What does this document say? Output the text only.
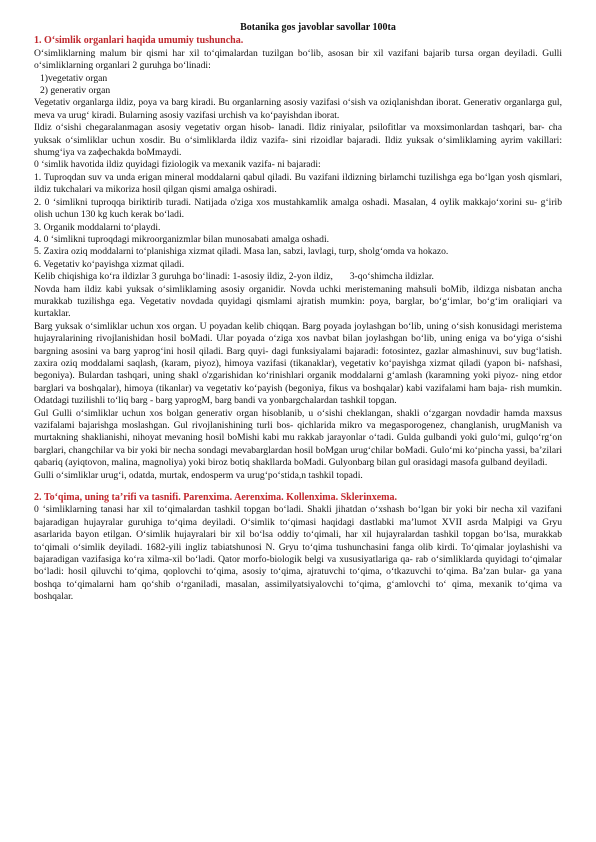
Botanika gos javoblar savollar 100ta

1. O‘simlik organlari haqida umumiy tushuncha.

O‘simliklarning malum bir qismi har xil to‘qimalardan tuzilgan bo‘lib, asosan bir xil vazifani bajarib tursa organ deyiladi. Gulli o‘simliklarning organlari 2 guruhga bo‘linadi:

1)vegetativ organ

2) generativ organ

Vegetativ organlarga ildiz, poya va barg kiradi. Bu organlarning asosiy vazifasi o‘sish va oziqlanishdan iborat. Generativ organlarga gul, meva va urug‘ kiradi. Bularning asosiy vazifasi urchish va ko‘payishdan iborat.

Ildiz o‘sishi chegaralanmagan asosiy vegetativ organ hisob- lanadi. Ildiz riniyalar, psilofitlar va moxsimonlardan tashqari, bar- cha yuksak o‘simliklar uchun xosdir. Bu o‘simliklarda ildiz vazifa- sini rizoidlar bajaradi. Ildiz yuksak o‘simliklaming ayrim vakillari: shumg‘iya va zaфechakda boMmaydi.

0 ‘simlik havotida ildiz quyidagi fiziologik va mexanik vazifa- ni bajaradi:

1. Tuproqdan suv va unda erigan mineral moddalarni qabul qiladi. Bu vazifani ildizning birlamchi tuzilishga ega bo‘lgan yosh qismlari, ildiz tukchalari va mikoriza hosil qilgan qismi amalga oshiradi.

2. 0 ‘simlikni tuproqqa biriktirib turadi. Natijada o'ziga xos mustahkamlik amalga oshadi. Masalan, 4 oylik makkajo‘xorini su- g‘irib olish uchun 130 kg kuch kerak bo‘ladi.

3. Organik moddalarni to‘playdi.

4. 0 ‘simlikni tuproqdagi mikroorganizmlar bilan munosabati amalga oshadi.

5. Zaxira oziq moddalarni to‘planishiga xizmat qiladi. Masa lan, sabzi, lavlagi, turp, sholg‘omda va hokazo.

6. Vegetativ ko‘payishga xizmat qiladi.

Kelib chiqishiga ko‘ra ildizlar 3 guruhga bo‘linadi: 1-asosiy ildiz, 2-yon ildiz,       3-qo‘shimcha ildizlar.

Novda ham ildiz kabi yuksak o‘simliklaming asosiy organidir. Novda uchki meristemaning mahsuli boMib, ildizga nisbatan ancha murakkab tuzilishga ega. Vegetativ novdada quyidagi qismlami ajratish mumkin: poya, barglar, bo‘g‘imlar, bo‘g‘im oraliqiari va kurtaklar.

Barg yuksak o‘simliklar uchun xos organ. U poyadan kelib chiqqan. Barg poyada joylashgan bo‘lib, uning o‘sish konusidagi meristema hujayralarining rivojlanishidan hosil boMadi. Ular poyada o‘ziga xos navbat bilan joylashgan bo‘lib, uning eniga va bo‘yiga o‘sishi bargning asosini va barg yaprog‘ini hosil qiladi. Barg quyi- dagi funksiyalami bajaradi: fotosintez, gazlar almashinuvi, suv bug‘latish. zaxira oziq moddalami saqlash, (karam, piyoz), himoya vazifasi (tikanaklar), vegetativ ko‘payishga xizmat qiladi (yapon bi- nafshasi, begoniya). Bulardan tashqari, uning shakl o'zgarishidan ko‘rinishlari organik moddalarni g‘amlash (karamning yoki piyoz- ning etdor barglari va boshqalar), himoya (tikanlar) va vegetativ ko‘payish (begoniya, fikus va boshqalar) kabi vazifalami ham baja- rish mumkin. Odatdagi tuzilishli to‘liq barg - barg yaprogM, barg bandi va yonbargchalardan tashkil topgan.

Gul Gulli o‘simliklar uchun xos bolgan generativ organ hisoblanib, u o‘sishi cheklangan, shakli o‘zgargan novdadir hamda maxsus vazifalami bajarishga moslashgan. Gul rivojlanishining turli bos- qichlarida mikro va megasporogenez, changlanish, urugManish va murtakning shaklianishi, nihoyat mevaning hosil boMishi kabi mu rakkab jarayonlar o‘tadi. Gulda gulbandi yoki gulo‘mi, gulqo‘rg‘on barglari, changchilar va bir yoki bir necha sondagi mevabarglardan hosil boMgan urug‘chilar boMadi. Gulo‘mi ko‘pincha yassi, ba’zilari qabariq (ayiqtovon, malina, magnoliya) yoki biroz botiq shakllarda boMadi. Gulyonbarg bilan gul orasidagi masofa gulband deyiladi.

Gulli o‘simliklar urug‘i, odatda, murtak, endosperm va urug‘po‘stida,n tashkil topadi.

2. To‘qima, uning ta’rifi va tasnifi. Parenxima. Aerenxima. Kollenxima. Sklerinxema.

0 ‘simliklarning tanasi har xil to‘qimalardan tashkil topgan bo‘ladi. Shakli jihatdan o‘xshash bo‘lgan bir yoki bir necha xil vazifani bajaradigan hujayralar guruhiga to‘qima deyiladi. O‘simlik to‘qimasi haqidagi dastlabki ma’lumot XVII asrda Malpigi va Gryu asarlarida bayon etilgan. O‘simlik hujayralari bir xil bo‘lsa oddiy to‘qimali, har xil hujayralardan tashkil topgan bo‘lsa, murakkab to‘qimali o‘simlik deyiladi. 1682-yili ingliz tabiatshunosi N. Gryu to‘qima tushunchasini fanga olib kirdi. To‘qimalar joylashishi va bajaradigan vazifasiga ko‘ra xilma-xil bo‘ladi. Qator morfo-biologik belgi va xususiyatlariga qa- rab o‘simliklarda quyidagi to‘qimalar bo‘ladi: hosil qiluvchi to‘qima, qoplovchi to‘qima, asosiy to‘qima, ajratuvchi to‘qima, o‘tkazuvchi to‘qima. Ba’zan bular- ga yana boshqa to‘qimalarni ham qo‘shib o‘rganiladi, masalan, assimilyatsiyalovchi to‘qima, g‘amlovchi to‘ qima, mexanik to‘qima va boshqalar.
